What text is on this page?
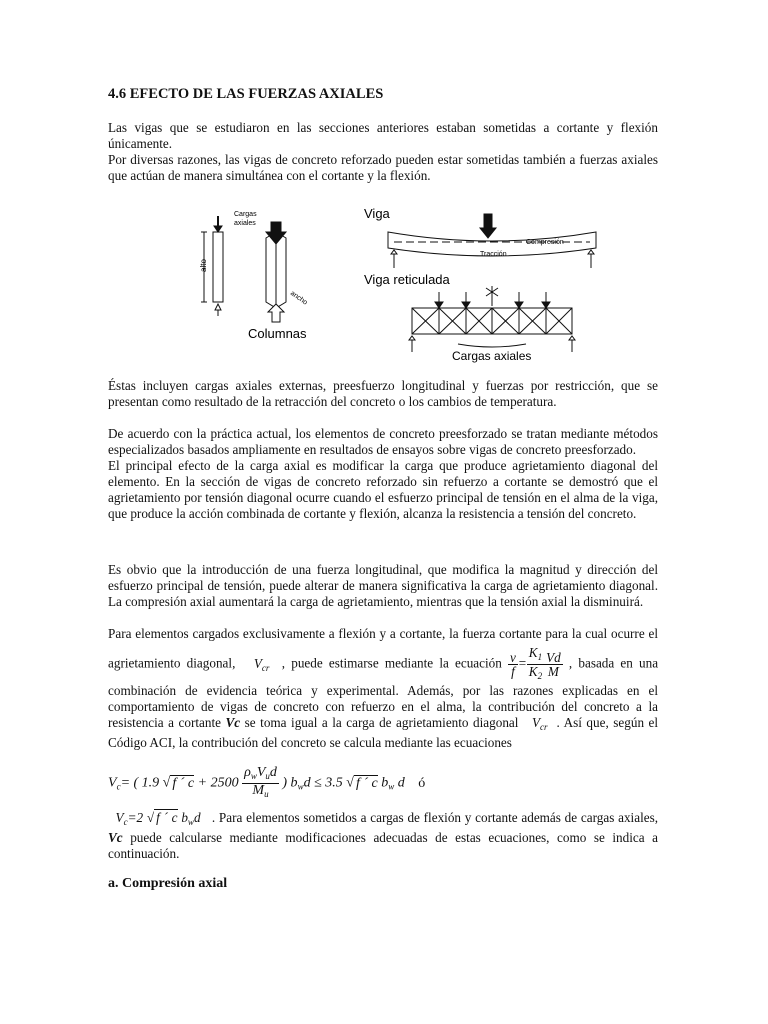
4.6 EFECTO DE LAS FUERZAS AXIALES

Las vigas que se estudiaron en las secciones anteriores estaban sometidas a cortante y flexión únicamente.

Por diversas razones, las vigas de concreto reforzado pueden estar sometidas también a fuerzas axiales que actúan de manera simultánea con el cortante y la flexión.

alto
Cargas
axiales
ancho
Columnas
Viga
Compresión
Tracción
Viga reticulada
Cargas axiales
Éstas incluyen cargas axiales externas, preesfuerzo longitudinal y fuerzas por restricción, que se presentan como resultado de la retracción del concreto o los cambios de temperatura.

De acuerdo con la práctica actual, los elementos de concreto preesforzado se tratan mediante métodos especializados basados ampliamente en resultados de ensayos sobre vigas de concreto preesforzado.

El principal efecto de la carga axial es modificar la carga que produce agrietamiento diagonal del elemento. En la sección de vigas de concreto reforzado sin refuerzo a cortante se demostró que el agrietamiento por tensión diagonal ocurre cuando el esfuerzo principal de tensión en el alma de la viga, que produce la acción combinada de cortante y flexión, alcanza la resistencia a tensión del concreto.

Es obvio que la introducción de una fuerza longitudinal, que modifica la magnitud y dirección del esfuerzo principal de tensión, puede alterar de manera significativa la carga de agrietamiento diagonal. La compresión axial aumentará la carga de agrietamiento, mientras que la tensión axial la disminuirá.
Para elementos cargados exclusivamente a flexión y a cortante, la fuerza cortante para la cual ocurre el agrietamiento diagonal,   $V_{cr}$ , puede estimarse mediante la ecuación $\frac{v}{f} = \frac{K_1}{K_2} \frac{Vd}{M}$ , basada en una combinación de evidencia teórica y experimental. Además, por las razones explicadas en el comportamiento de vigas de concreto con refuerzo en el alma, la contribución del concreto a la resistencia a cortante Vc se toma igual a la carga de agrietamiento diagonal   $V_{cr}$ . Así que, según el Código ACI, la contribución del concreto se calcula mediante las ecuaciones
$V_c=$ ( 1.9 √ f ´ $c + 2500 \frac{\rho_wV_ud}{M_u}$ ) $b_wd \le 3.5$ √ f ´ c $b_w$ d ó
$V_c=2$ √ f ´ c $b_wd$   . Para elementos sometidos a cargas de flexión y cortante además de cargas axiales, Vc puede calcularse mediante modificaciones adecuadas de estas ecuaciones, como se indica a continuación.
a. Compresión axial
